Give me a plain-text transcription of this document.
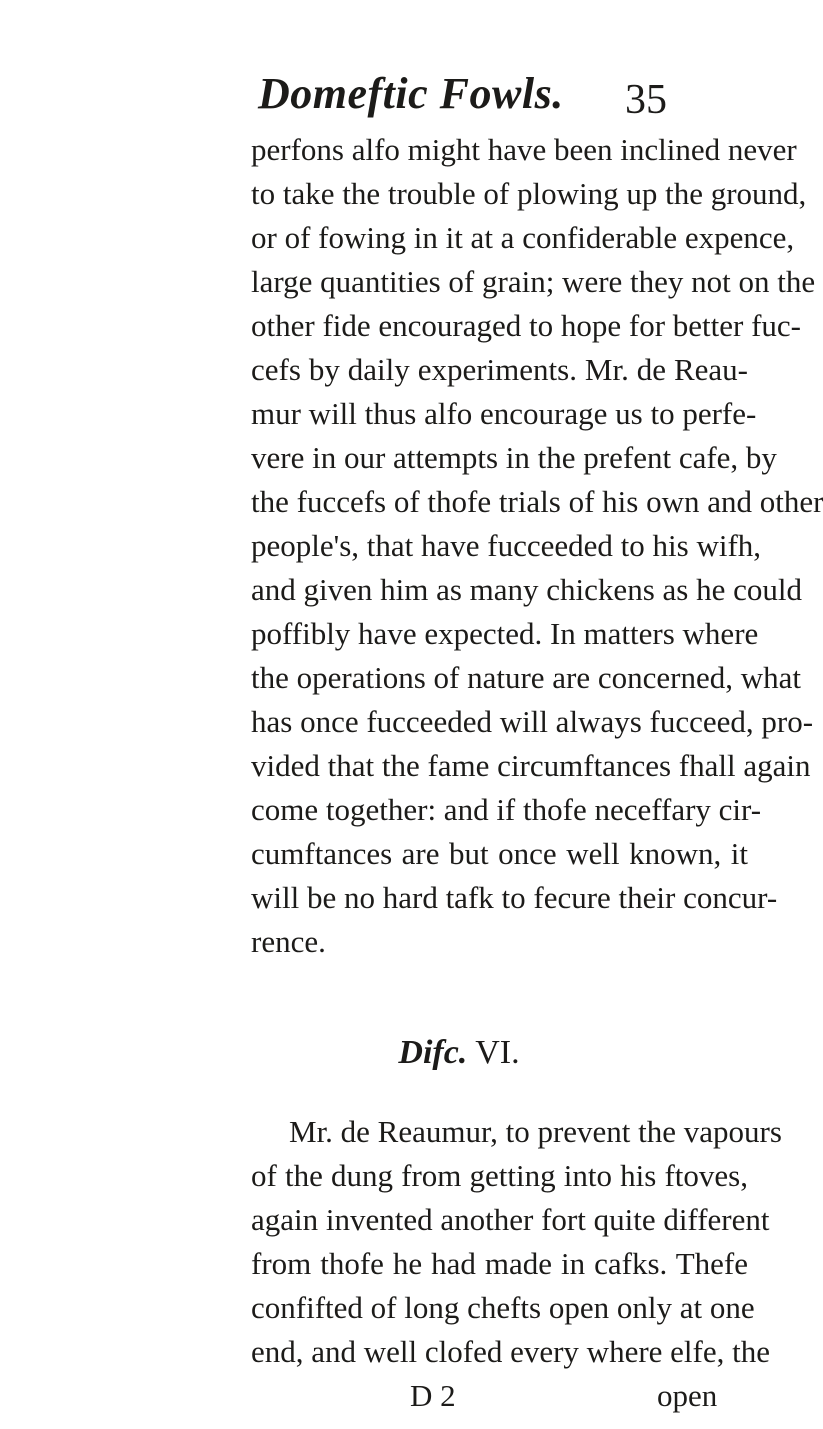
Domeftic Fowls. 35
perfons alfo might have been inclined never
to take the trouble of plowing up the ground,
or of fowing in it at a confiderable expence,
large quantities of grain; were they not on the
other fide encouraged to hope for better fuc-
cefs by daily experiments. Mr. de Reau-
mur will thus alfo encourage us to perfe-
vere in our attempts in the prefent cafe, by
the fuccefs of thofe trials of his own and other
people's, that have fucceeded to his wifh,
and given him as many chickens as he could
poffibly have expected. In matters where
the operations of nature are concerned, what
has once fucceeded will always fucceed, pro-
vided that the fame circumftances fhall again
come together: and if thofe neceffary cir-
cumftances are but once well known, it
will be no hard tafk to fecure their concur-
rence.
Difc. VI.
Mr. de Reaumur, to prevent the vapours
of the dung from getting into his ftoves,
again invented another fort quite different
from thofe he had made in cafks. Thefe
confifted of long chefts open only at one
end, and well clofed every where elfe, the
D 2	open
